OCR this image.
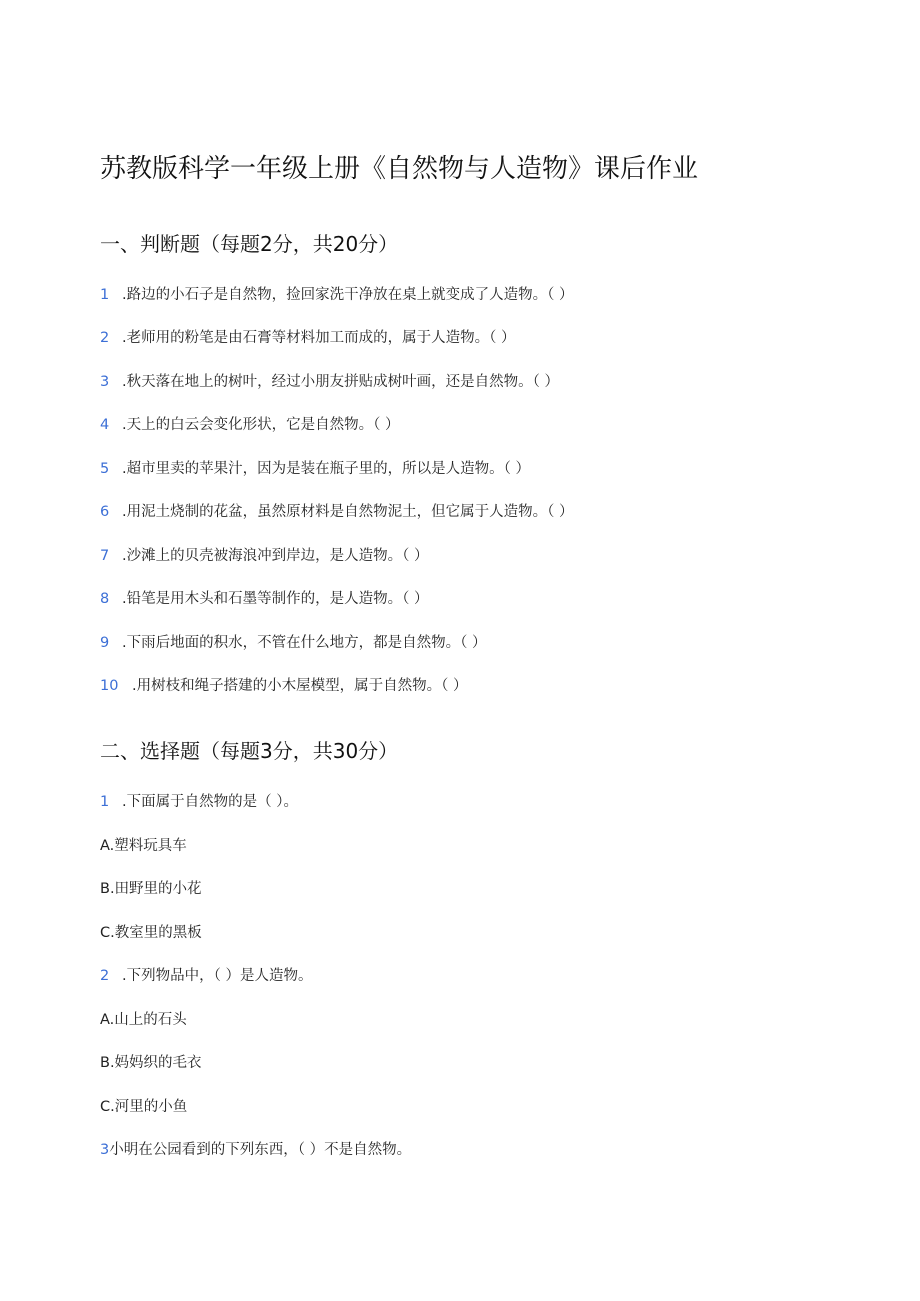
苏教版科学一年级上册《自然物与人造物》课后作业
一、判断题（每题2分，共20分）
1 .路边的小石子是自然物，捡回家洗干净放在桌上就变成了人造物。（ ）
2 .老师用的粉笔是由石膏等材料加工而成的，属于人造物。（ ）
3 .秋天落在地上的树叶，经过小朋友拼贴成树叶画，还是自然物。（ ）
4 .天上的白云会变化形状，它是自然物。（ ）
5 .超市里卖的苹果汁，因为是装在瓶子里的，所以是人造物。（ ）
6 .用泥土烧制的花盆，虽然原材料是自然物泥土，但它属于人造物。（ ）
7 .沙滩上的贝壳被海浪冲到岸边，是人造物。（ ）
8 .铅笔是用木头和石墨等制作的，是人造物。（ ）
9 .下雨后地面的积水，不管在什么地方，都是自然物。（ ）
10 .用树枝和绳子搭建的小木屋模型，属于自然物。（ ）
二、选择题（每题3分，共30分）
1 .下面属于自然物的是（ ）。
A.塑料玩具车
B.田野里的小花
C.教室里的黑板
2 .下列物品中，（ ）是人造物。
A.山上的石头
B.妈妈织的毛衣
C.河里的小鱼
3小明在公园看到的下列东西，（ ）不是自然物。
